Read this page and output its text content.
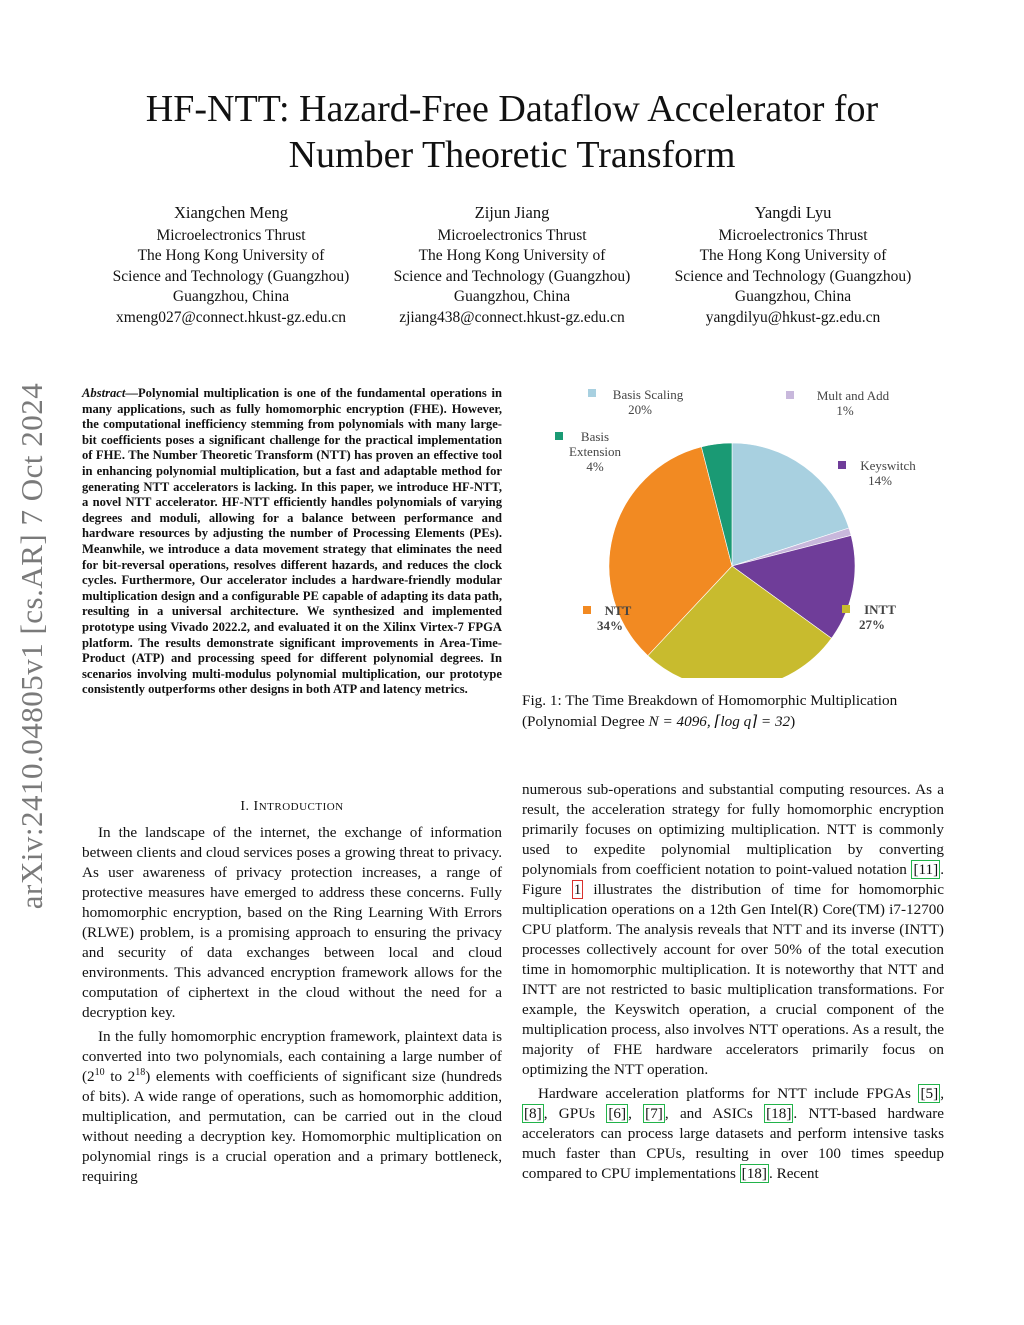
HF-NTT: Hazard-Free Dataflow Accelerator for
Number Theoretic Transform
Xiangchen Meng
Microelectronics Thrust
The Hong Kong University of
Science and Technology (Guangzhou)
Guangzhou, China
xmeng027@connect.hkust-gz.edu.cn
Zijun Jiang
Microelectronics Thrust
The Hong Kong University of
Science and Technology (Guangzhou)
Guangzhou, China
zjiang438@connect.hkust-gz.edu.cn
Yangdi Lyu
Microelectronics Thrust
The Hong Kong University of
Science and Technology (Guangzhou)
Guangzhou, China
yangdilyu@hkust-gz.edu.cn
arXiv:2410.04805v1 [cs.AR] 7 Oct 2024	Abstract—Polynomial multiplication is one of the fundamental operations in many applications, such as fully homomorphic encryption (FHE). However, the computational inefficiency stemming from polynomials with many large-bit coefficients poses a significant challenge for the practical implementation of FHE. The Number Theoretic Transform (NTT) has proven an effective tool in enhancing polynomial multiplication, but a fast and adaptable method for generating NTT accelerators is lacking. In this paper, we introduce HF-NTT, a novel NTT accelerator. HF-NTT efficiently handles polynomials of varying degrees and moduli, allowing for a balance between performance and hardware resources by adjusting the number of Processing Elements (PEs). Meanwhile, we introduce a data movement strategy that eliminates the need for bit-reversal operations, resolves different hazards, and reduces the clock cycles. Furthermore, Our accelerator includes a hardware-friendly modular multiplication design and a configurable PE capable of adapting its data path, resulting in a universal architecture. We synthesized and implemented prototype using Vivado 2022.2, and evaluated it on the Xilinx Virtex-7 FPGA platform. The results demonstrate significant improvements in Area-Time-Product (ATP) and processing speed for different polynomial degrees. In scenarios involving multi-modulus polynomial multiplication, our prototype consistently outperforms other designs in both ATP and latency metrics.
I. INTRODUCTION

In the landscape of the internet, the exchange of information between clients and cloud services poses a growing threat to privacy. As user awareness of privacy protection increases, a range of protective measures have emerged to address these concerns. Fully homomorphic encryption, based on the Ring Learning With Errors (RLWE) problem, is a promising approach to ensuring the privacy and security of data exchanges between local and cloud environments. This advanced encryption framework allows for the computation of ciphertext in the cloud without the need for a decryption key.

In the fully homomorphic encryption framework, plaintext data is converted into two polynomials, each containing a large number of ($2^{10}$ to $2^{18}$) elements with coefficients of significant size (hundreds of bits). A wide range of operations, such as homomorphic addition, multiplication, and permutation, can be carried out in the cloud without needing a decryption key. Homomorphic multiplication on polynomial rings is a crucial operation and a primary bottleneck, requiring

Basis Scaling
20%
Mult and Add
1%
Keyswitch
14%
INTT
27%
NTT
34%
Basis
Extension
4%
Fig. 1: The Time Breakdown of Homomorphic Multiplication (Polynomial Degree N = 4096, ⌈log q⌉ = 32)

numerous sub-operations and substantial computing resources. As a result, the acceleration strategy for fully homomorphic encryption primarily focuses on optimizing multiplication. NTT is commonly used to expedite polynomial multiplication by converting polynomials from coefficient notation to point-valued notation [11] . Figure 1 illustrates the distribution of time for homomorphic multiplication operations on a 12th Gen Intel(R) Core(TM) i7-12700 CPU platform. The analysis reveals that NTT and its inverse (INTT) processes collectively account for over 50% of the total execution time in homomorphic multiplication. It is noteworthy that NTT and INTT are not restricted to basic multiplication transformations. For example, the Keyswitch operation, a crucial component of the multiplication process, also involves NTT operations. As a result, the majority of FHE hardware accelerators primarily focus on optimizing the NTT operation.

Hardware acceleration platforms for NTT include FPGAs [5] , [8] , GPUs [6] , [7] , and ASICs [18] . NTT-based hardware accelerators can process large datasets and perform intensive tasks much faster than CPUs, resulting in over 100 times speedup compared to CPU implementations [18] . Recent
